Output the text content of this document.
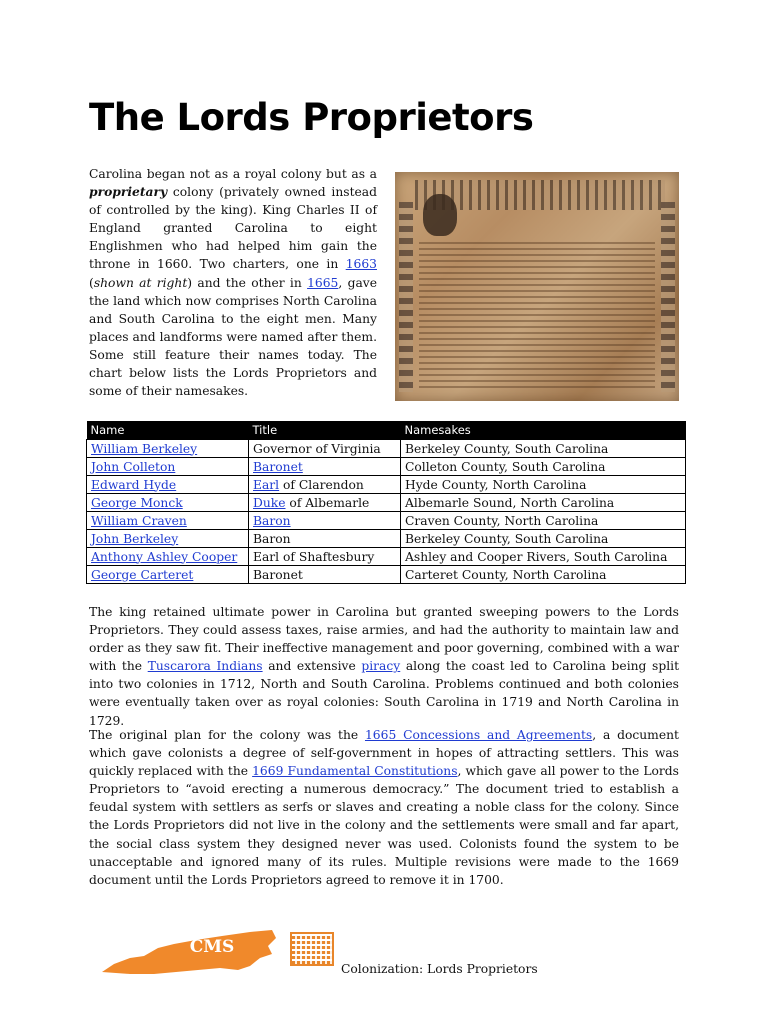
The Lords Proprietors
Carolina began not as a royal colony but as a proprietary colony (privately owned instead of controlled by the king). King Charles II of England granted Carolina to eight Englishmen who had helped him gain the throne in 1660. Two charters, one in 1663 (shown at right) and the other in 1665, gave the land which now comprises North Carolina and South Carolina to the eight men. Many places and landforms were named after them. Some still feature their names today. The chart below lists the Lords Proprietors and some of their namesakes.
Name	Title	Namesakes
William Berkeley	Governor of Virginia	Berkeley County, South Carolina
John Colleton	Baronet	Colleton County, South Carolina
Edward Hyde	Earl of Clarendon	Hyde County, North Carolina
George Monck	Duke of Albemarle	Albemarle Sound, North Carolina
William Craven	Baron	Craven County, North Carolina
John Berkeley	Baron	Berkeley County, South Carolina
Anthony Ashley Cooper	Earl of Shaftesbury	Ashley and Cooper Rivers, South Carolina
George Carteret	Baronet	Carteret County, North Carolina

The king retained ultimate power in Carolina but granted sweeping powers to the Lords Proprietors. They could assess taxes, raise armies, and had the authority to maintain law and order as they saw fit. Their ineffective management and poor governing, combined with a war with the Tuscarora Indians and extensive piracy along the coast led to Carolina being split into two colonies in 1712, North and South Carolina. Problems continued and both colonies were eventually taken over as royal colonies: South Carolina in 1719 and North Carolina in 1729.

The original plan for the colony was the 1665 Concessions and Agreements, a document which gave colonists a degree of self-government in hopes of attracting settlers. This was quickly replaced with the 1669 Fundamental Constitutions, which gave all power to the Lords Proprietors to “avoid erecting a numerous democracy.” The document tried to establish a feudal system with settlers as serfs or slaves and creating a noble class for the colony. Since the Lords Proprietors did not live in the colony and the settlements were small and far apart, the social class system they designed never was used. Colonists found the system to be unacceptable and ignored many of its rules. Multiple revisions were made to the 1669 document until the Lords Proprietors agreed to remove it in 1700.

CMS
Colonization: Lords Proprietors
